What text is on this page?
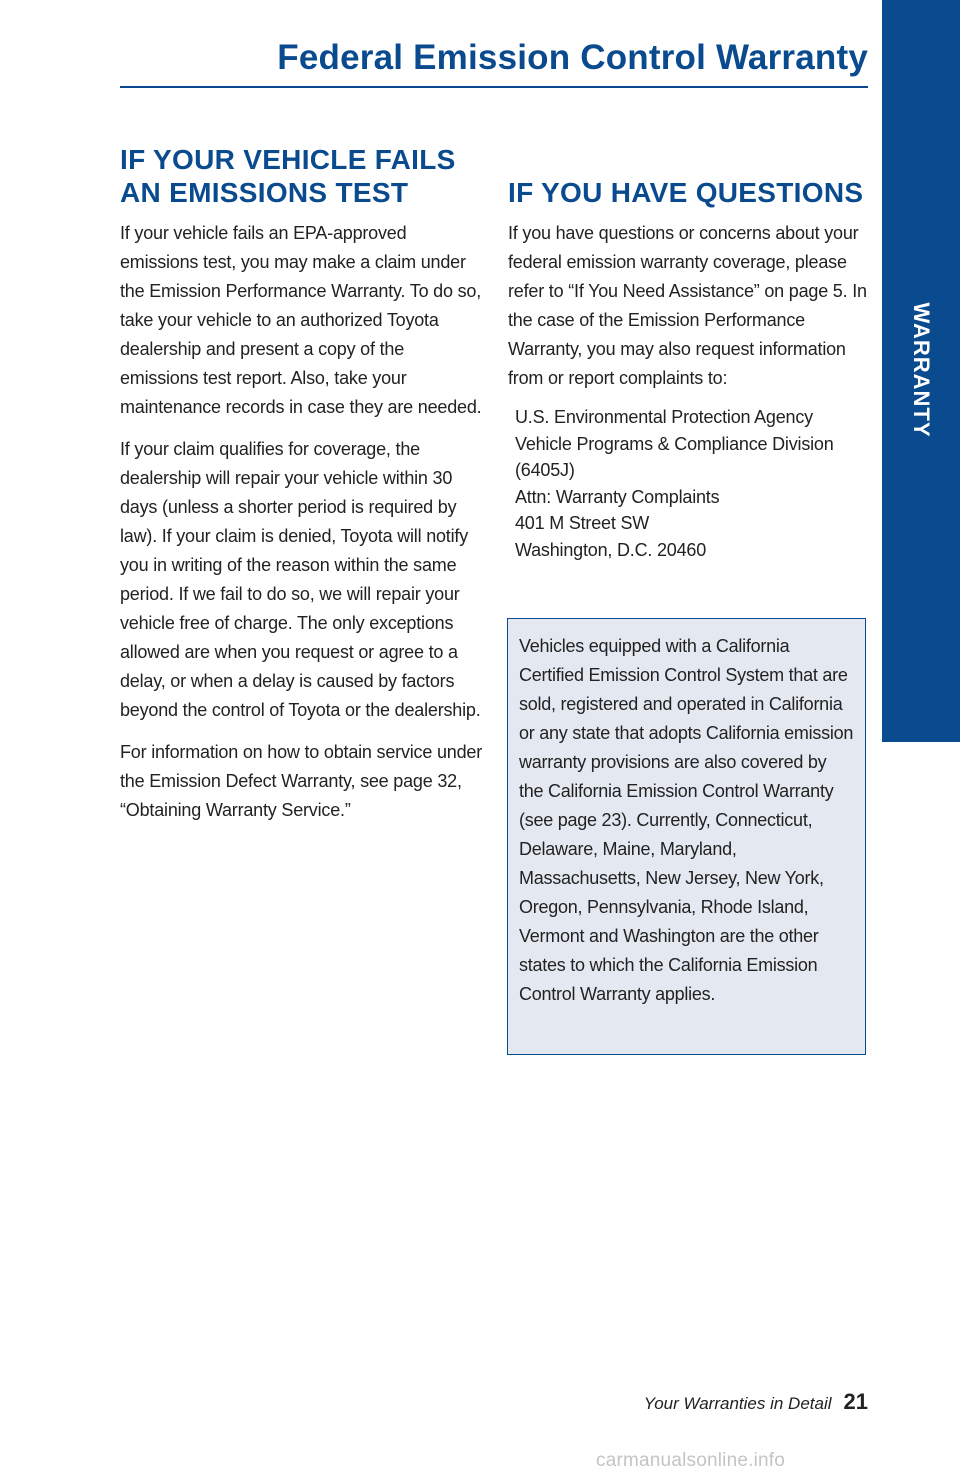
WARRANTY
Federal Emission Control Warranty
IF YOUR VEHICLE FAILS
AN EMISSIONS TEST

If your vehicle fails an EPA-approved emissions test, you may make a claim under the Emission Performance Warranty. To do so, take your vehicle to an authorized Toyota dealership and present a copy of the emissions test report. Also, take your maintenance records in case they are needed.

If your claim qualifies for coverage, the dealership will repair your vehicle within 30 days (unless a shorter period is required by law). If your claim is denied, Toyota will notify you in writing of the reason within the same period. If we fail to do so, we will repair your vehicle free of charge. The only exceptions allowed are when you request or agree to a delay, or when a delay is caused by factors beyond the control of Toyota or the dealership.

For information on how to obtain service under the Emission Defect Warranty, see page 32, “Obtaining Warranty Service.”

IF YOU HAVE QUESTIONS

If you have questions or concerns about your federal emission warranty coverage, please refer to “If You Need Assistance” on page 5. In the case of the Emission Performance Warranty, you may also request information from or report complaints to:

U.S. Environmental Protection Agency
Vehicle Programs & Compliance Division
(6405J)
Attn: Warranty Complaints
401 M Street SW
Washington, D.C. 20460

Vehicles equipped with a California Certified Emission Control System that are sold, registered and operated in California or any state that adopts California emission warranty provisions are also covered by the California Emission Control Warranty (see page 23). Currently, Connecticut, Delaware, Maine, Maryland, Massachusetts, New Jersey, New York, Oregon, Pennsylvania, Rhode Island, Vermont and Washington are the other states to which the California Emission Control Warranty applies.

Your Warranties in Detail 21
carmanualsonline.info
